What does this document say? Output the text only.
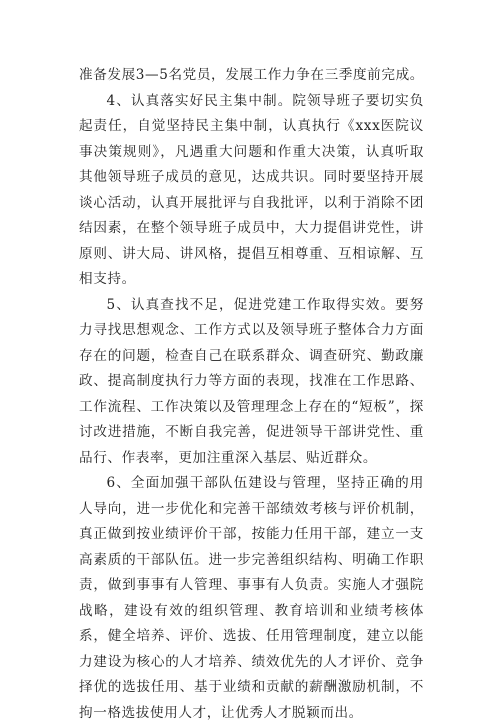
准备发展3—5名党员，发展工作力争在三季度前完成。

4、认真落实好民主集中制。院领导班子要切实负起责任，自觉坚持民主集中制，认真执行《xxx医院议事决策规则》，凡遇重大问题和作重大决策，认真听取其他领导班子成员的意见，达成共识。同时要坚持开展谈心活动，认真开展批评与自我批评，以利于消除不团结因素，在整个领导班子成员中，大力提倡讲党性，讲原则、讲大局、讲风格，提倡互相尊重、互相谅解、互相支持。

5、认真查找不足，促进党建工作取得实效。要努力寻找思想观念、工作方式以及领导班子整体合力方面存在的问题，检查自己在联系群众、调查研究、勤政廉政、提高制度执行力等方面的表现，找准在工作思路、工作流程、工作决策以及管理理念上存在的“短板”，探讨改进措施，不断自我完善，促进领导干部讲党性、重品行、作表率，更加注重深入基层、贴近群众。

6、全面加强干部队伍建设与管理，坚持正确的用人导向，进一步优化和完善干部绩效考核与评价机制，真正做到按业绩评价干部，按能力任用干部，建立一支高素质的干部队伍。进一步完善组织结构、明确工作职责，做到事事有人管理、事事有人负责。实施人才强院战略，建设有效的组织管理、教育培训和业绩考核体系，健全培养、评价、选拔、任用管理制度，建立以能力建设为核心的人才培养、绩效优先的人才评价、竞争择优的选拔任用、基于业绩和贡献的薪酬激励机制，不拘一格选拔使用人才，让优秀人才脱颖而出。
